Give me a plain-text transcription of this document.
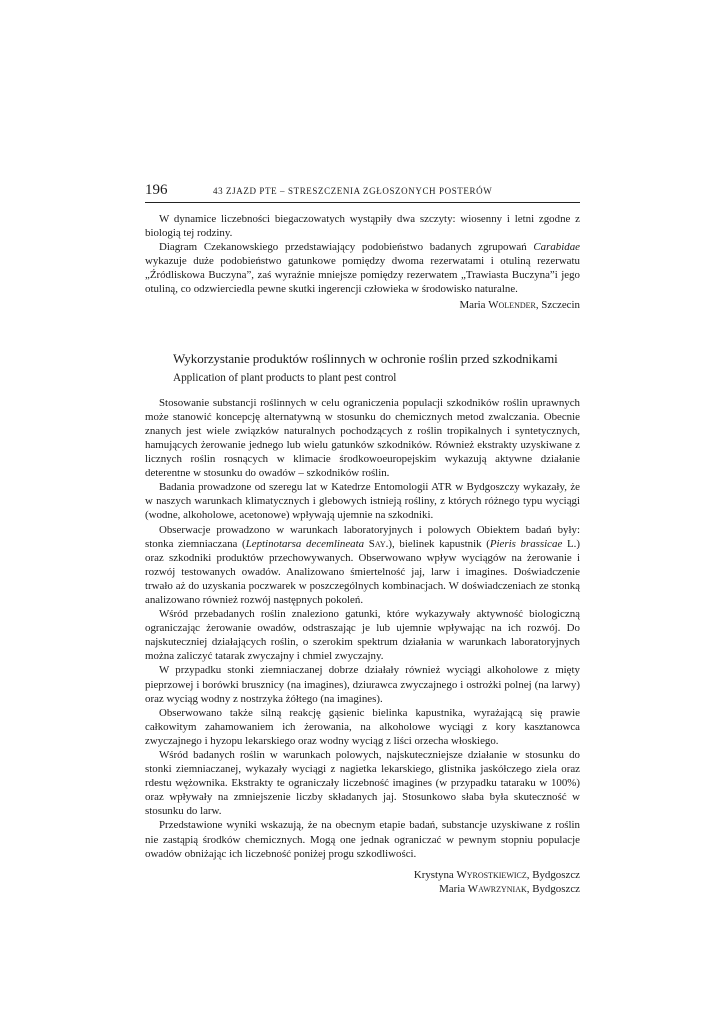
196	43 ZJAZD PTE – STRESZCZENIA ZGŁOSZONYCH POSTERÓW

W dynamice liczebności biegaczowatych wystąpiły dwa szczyty: wiosenny i letni zgodne z biologią tej rodziny.

Diagram Czekanowskiego przedstawiający podobieństwo badanych zgrupowań Carabidae wykazuje duże podobieństwo gatunkowe pomiędzy dwoma rezerwatami i otuliną rezerwatu „Źródliskowa Buczyna”, zaś wyraźnie mniejsze pomiędzy rezerwatem „Trawiasta Buczyna”i jego otuliną, co odzwierciedla pewne skutki ingerencji człowieka w środowisko naturalne.

Maria Wolender, Szczecin
Wykorzystanie produktów roślinnych w ochronie roślin przed szkodnikami
Application of plant products to plant pest control

Stosowanie substancji roślinnych w celu ograniczenia populacji szkodników roślin uprawnych może stanowić koncepcję alternatywną w stosunku do chemicznych metod zwalczania. Obecnie znanych jest wiele związków naturalnych pochodzących z roślin tropikalnych i syntetycznych, hamujących żerowanie jednego lub wielu gatunków szkodników. Również ekstrakty uzyskiwane z licznych roślin rosnących w klimacie środkowoeuropejskim wykazują aktywne działanie deterentne w stosunku do owadów – szkodników roślin.

Badania prowadzone od szeregu lat w Katedrze Entomologii ATR w Bydgoszczy wykazały, że w naszych warunkach klimatycznych i glebowych istnieją rośliny, z których różnego typu wyciągi (wodne, alkoholowe, acetonowe) wpływają ujemnie na szkodniki.

Obserwacje prowadzono w warunkach laboratoryjnych i polowych Obiektem badań były: stonka ziemniaczana (Leptinotarsa decemlineata Say.), bielinek kapustnik (Pieris brassicae L.) oraz szkodniki produktów przechowywanych. Obserwowano wpływ wyciągów na żerowanie i rozwój testowanych owadów. Analizowano śmiertelność jaj, larw i imagines. Doświadczenie trwało aż do uzyskania poczwarek w poszczególnych kombinacjach. W doświadczeniach ze stonką analizowano również rozwój następnych pokoleń.

Wśród przebadanych roślin znaleziono gatunki, które wykazywały aktywność biologiczną ograniczając żerowanie owadów, odstraszając je lub ujemnie wpływając na ich rozwój. Do najskuteczniej działających roślin, o szerokim spektrum działania w warunkach laboratoryjnych można zaliczyć tatarak zwyczajny i chmiel zwyczajny.

W przypadku stonki ziemniaczanej dobrze działały również wyciągi alkoholowe z mięty pieprzowej i borówki brusznicy (na imagines), dziurawca zwyczajnego i ostrożki polnej (na larwy) oraz wyciąg wodny z nostrzyka żółtego (na imagines).

Obserwowano także silną reakcję gąsienic bielinka kapustnika, wyrażającą się prawie całkowitym zahamowaniem ich żerowania, na alkoholowe wyciągi z kory kasztanowca zwyczajnego i hyzopu lekarskiego oraz wodny wyciąg z liści orzecha włoskiego.

Wśród badanych roślin w warunkach polowych, najskuteczniejsze działanie w stosunku do stonki ziemniaczanej, wykazały wyciągi z nagietka lekarskiego, glistnika jaskółczego ziela oraz rdestu wężownika. Ekstrakty te ograniczały liczebność imagines (w przypadku tataraku w 100%) oraz wpływały na zmniejszenie liczby składanych jaj. Stosunkowo słaba była skuteczność w stosunku do larw.

Przedstawione wyniki wskazują, że na obecnym etapie badań, substancje uzyskiwane z roślin nie zastąpią środków chemicznych. Mogą one jednak ograniczać w pewnym stopniu populacje owadów obniżając ich liczebność poniżej progu szkodliwości.

Krystyna Wyrostkiewicz, Bydgoszcz
Maria Wawrzyniak, Bydgoszcz
